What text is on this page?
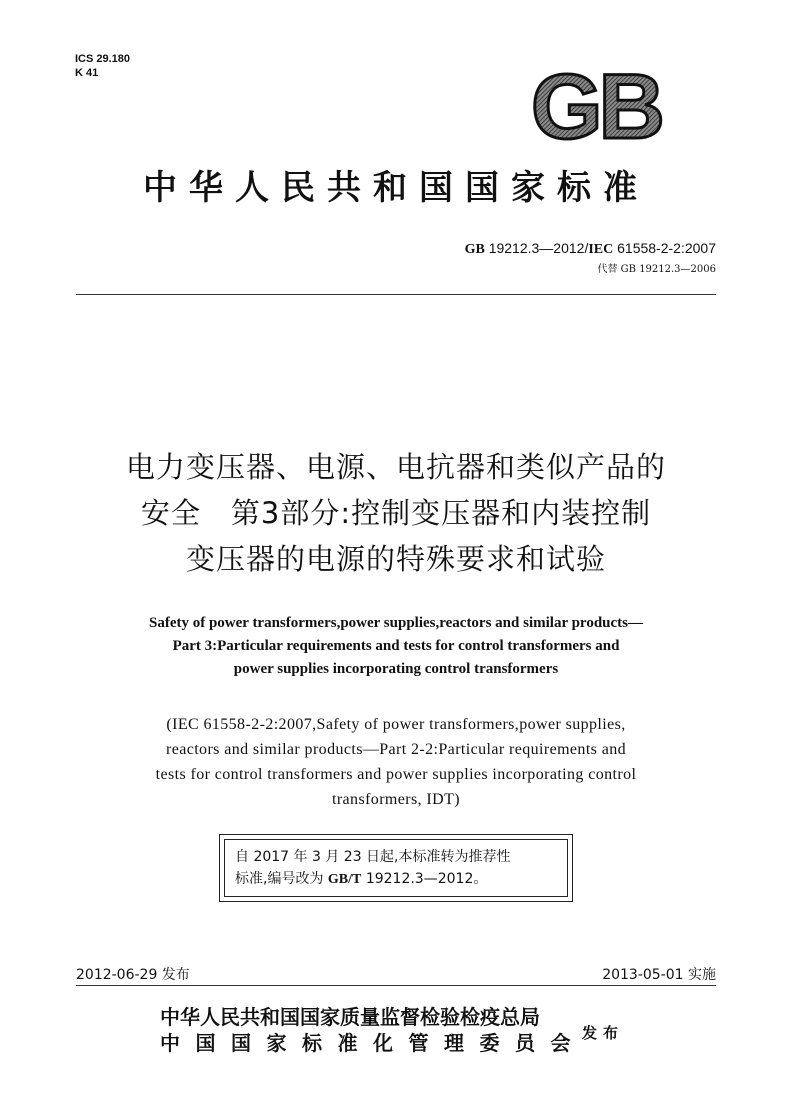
ICS 29.180
K 41	GB
中华人民共和国国家标准
GB 19212.3—2012/IEC 61558-2-2:2007
代替 GB 19212.3—2006
电力变压器、电源、电抗器和类似产品的
安全　第3部分:控制变压器和内装控制
变压器的电源的特殊要求和试验
Safety of power transformers,power supplies,reactors and similar products—
Part 3:Particular requirements and tests for control transformers and
power supplies incorporating control transformers
(IEC 61558-2-2:2007,Safety of power transformers,power supplies,
reactors and similar products—Part 2-2:Particular requirements and
tests for control transformers and power supplies incorporating control
transformers, IDT)
自 2017 年 3 月 23 日起,本标准转为推荐性
标准,编号改为 GB/T 19212.3—2012。
2012-06-29 发布	2013-05-01 实施
中华人民共和国国家质量监督检验检疫总局
中国国家标准化管理委员会
发布
